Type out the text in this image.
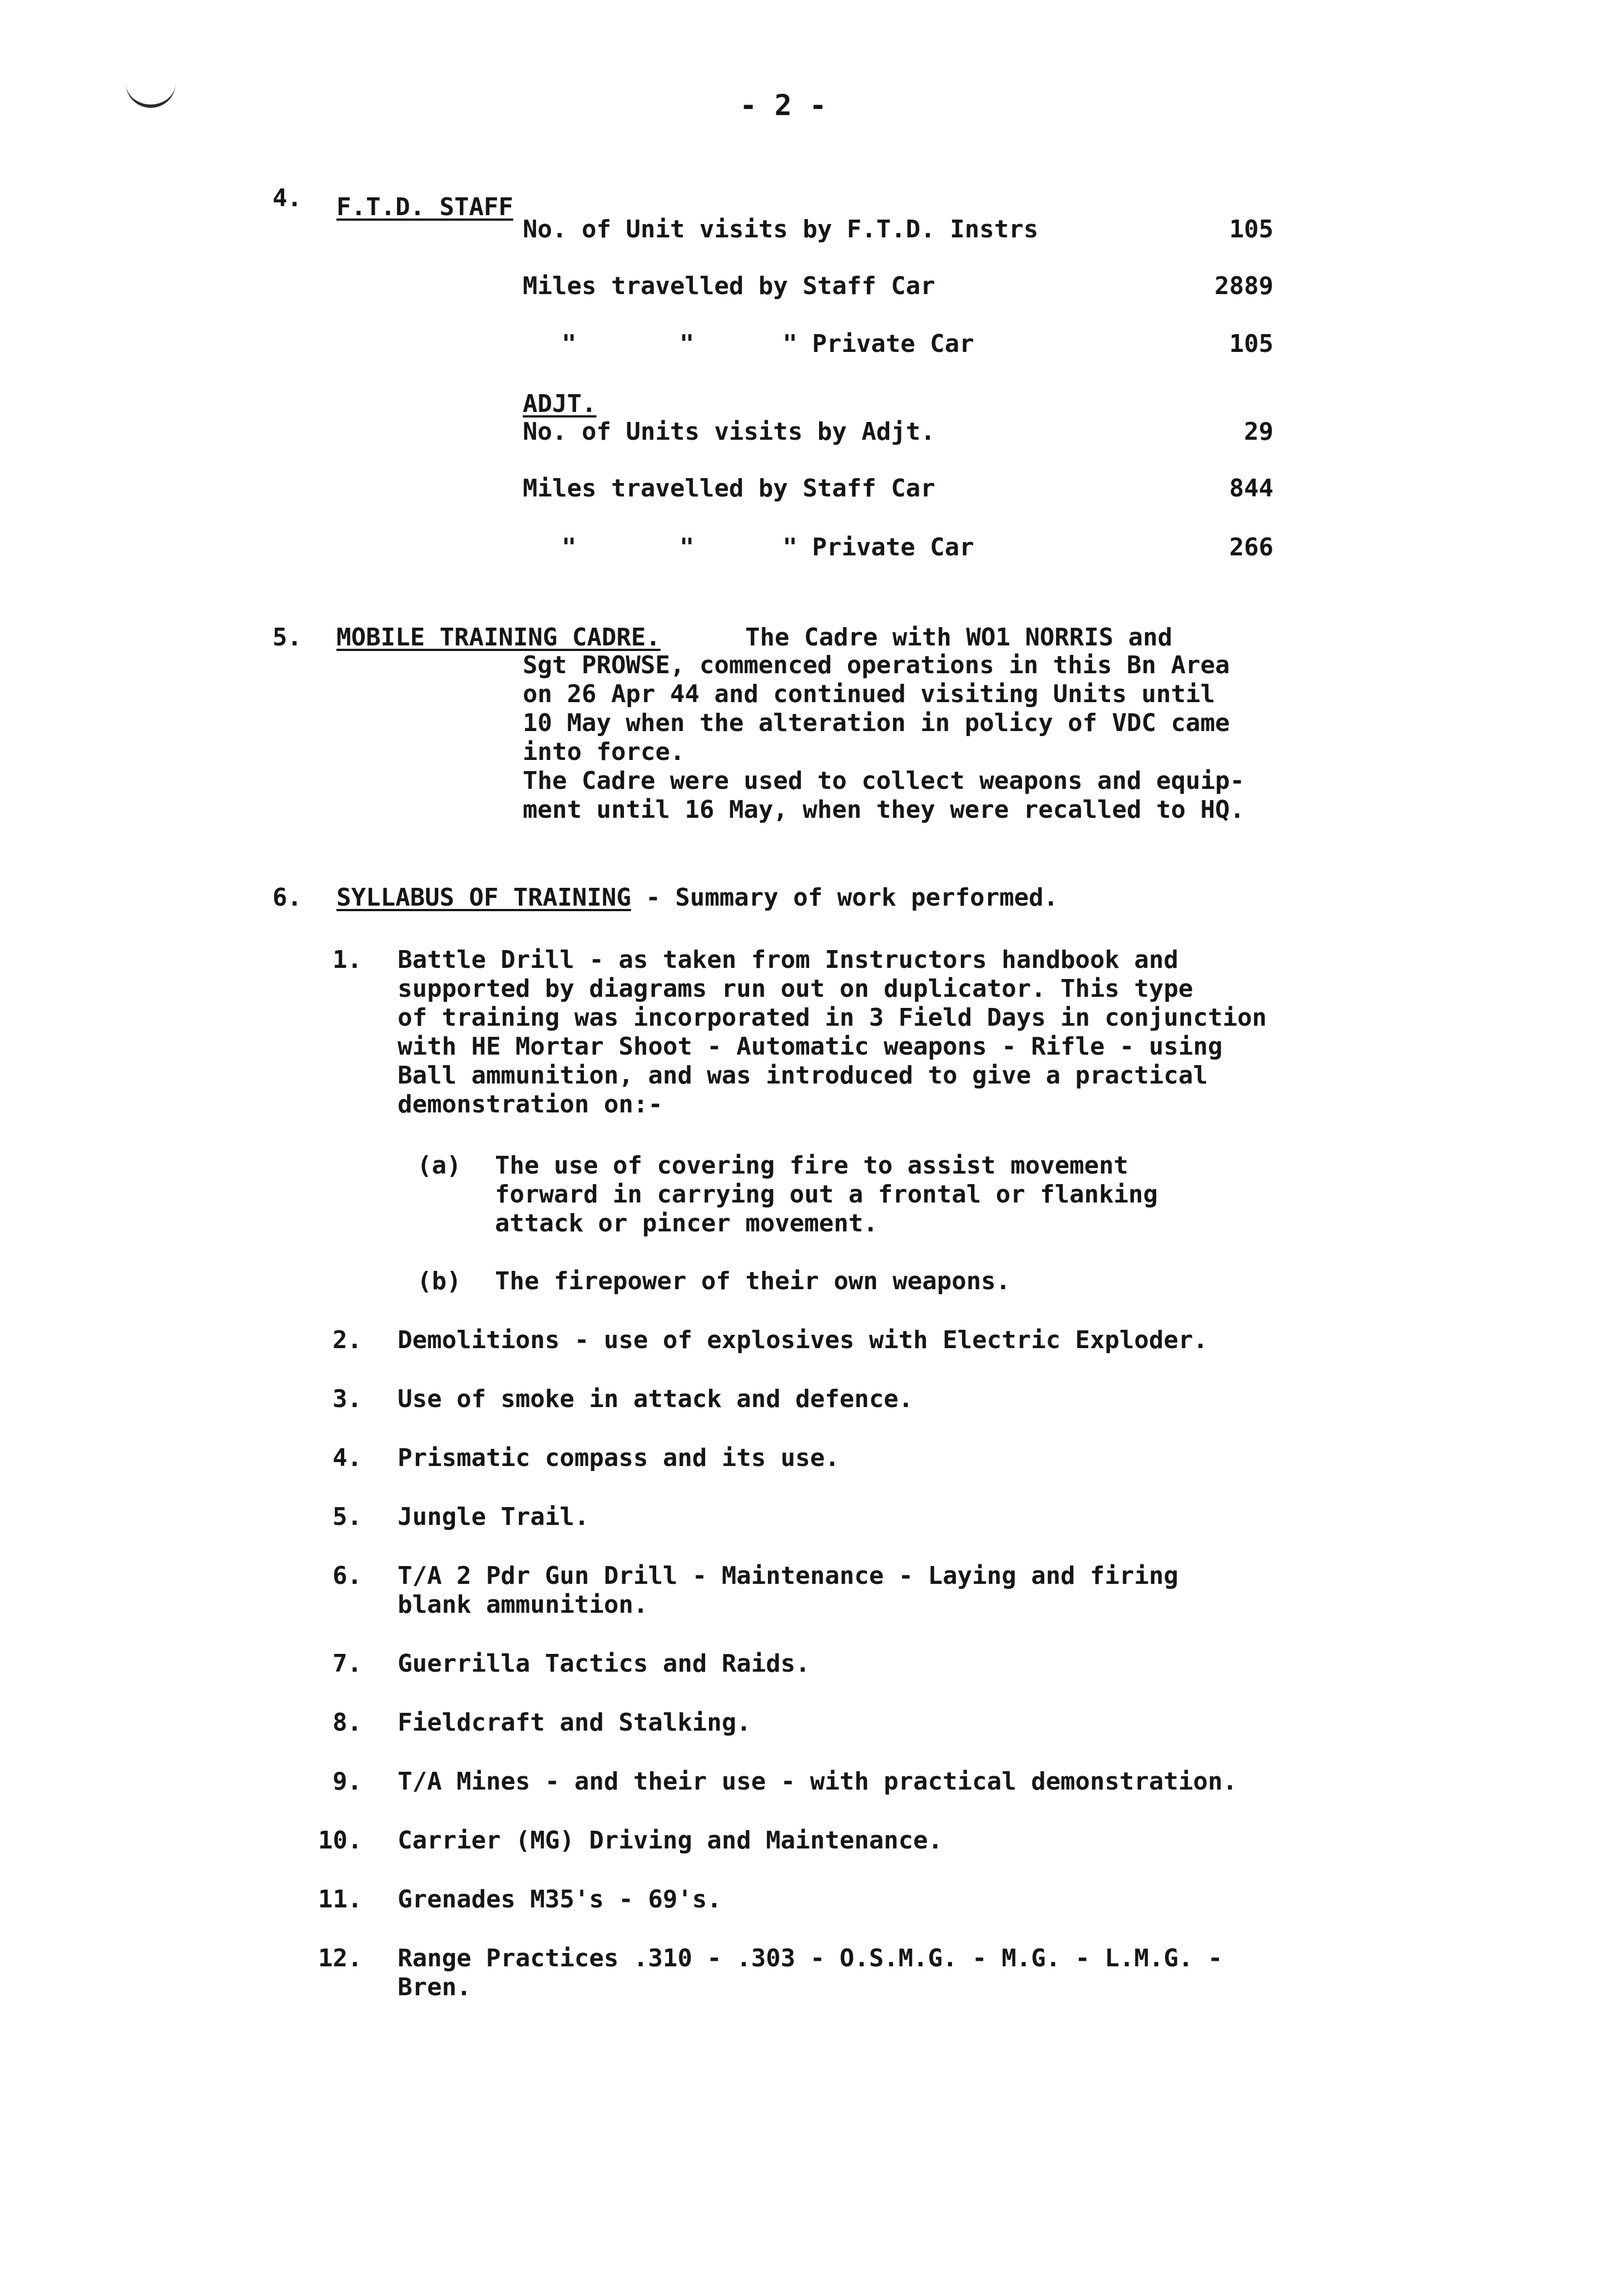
- 2 -
4. F.T.D. STAFF
No. of Unit visits by F.T.D. Instrs	105
Miles travelled by Staff Car	2889
"       "      " Private Car	105
ADJT.
No. of Units visits by Adjt.	29
Miles travelled by Staff Car	844
"       "      " Private Car	266
5. MOBILE TRAINING CADRE.	The Cadre with WO1 NORRIS and
Sgt PROWSE, commenced operations in this Bn Area
on 26 Apr 44 and continued visiting Units until
10 May when the alteration in policy of VDC came
into force.
The Cadre were used to collect weapons and equip-
ment until 16 May, when they were recalled to HQ.
6. SYLLABUS OF TRAINING - Summary of work performed.
1. Battle Drill - as taken from Instructors handbook and
supported by diagrams run out on duplicator. This type
of training was incorporated in 3 Field Days in conjunction
with HE Mortar Shoot - Automatic weapons - Rifle - using
Ball ammunition, and was introduced to give a practical
demonstration on:-
(a) The use of covering fire to assist movement
forward in carrying out a frontal or flanking
attack or pincer movement.
(b) The firepower of their own weapons.
2. Demolitions - use of explosives with Electric Exploder.
3. Use of smoke in attack and defence.
4. Prismatic compass and its use.
5. Jungle Trail.
6. T/A 2 Pdr Gun Drill - Maintenance - Laying and firing
blank ammunition.
7. Guerrilla Tactics and Raids.
8. Fieldcraft and Stalking.
9. T/A Mines - and their use - with practical demonstration.
10. Carrier (MG) Driving and Maintenance.
11. Grenades M35's - 69's.
12. Range Practices .310 - .303 - O.S.M.G. - M.G. - L.M.G. -
Bren.
